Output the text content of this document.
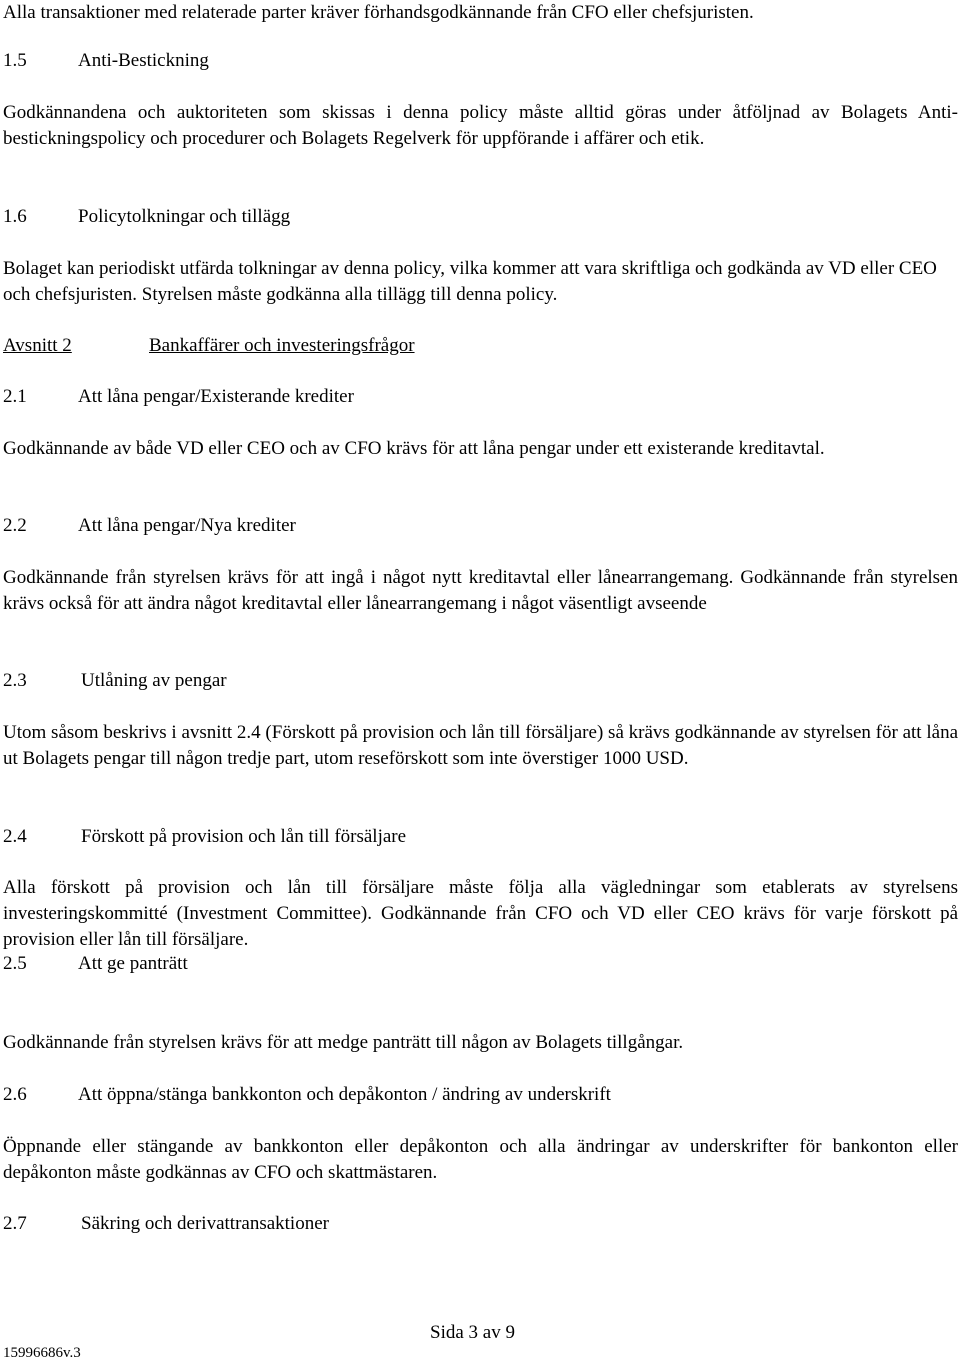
Alla transaktioner med relaterade parter kräver förhandsgodkännande från CFO eller chefsjuristen.

1.5	Anti-Bestickning

Godkännandena och auktoriteten som skissas i denna policy måste alltid göras under åtföljnad av Bolagets Anti-bestickningspolicy och procedurer och Bolagets Regelverk för uppförande i affärer och etik.

1.6	Policytolkningar och tillägg

Bolaget kan periodiskt utfärda tolkningar av denna policy, vilka kommer att vara skriftliga och godkända av VD eller CEO och chefsjuristen. Styrelsen måste godkänna alla tillägg till denna policy.

Avsnitt 2	Bankaffärer och investeringsfrågor
2.1	Att låna pengar/Existerande krediter

Godkännande av både VD eller CEO och av CFO krävs för att låna pengar under ett existerande kreditavtal.

2.2	Att låna pengar/Nya krediter

Godkännande från styrelsen krävs för att ingå i något nytt kreditavtal eller lånearrangemang. Godkännande från styrelsen krävs också för att ändra något kreditavtal eller lånearrangemang i något väsentligt avseende

2.3	Utlåning av pengar

Utom såsom beskrivs i avsnitt 2.4 (Förskott på provision och lån till försäljare) så krävs godkännande av styrelsen för att låna ut Bolagets pengar till någon tredje part, utom reseförskott som inte överstiger 1000 USD.

2.4	Förskott på provision och lån till försäljare

Alla förskott på provision och lån till försäljare måste följa alla vägledningar som etablerats av styrelsens investeringskommitté (Investment Committee). Godkännande från CFO och VD eller CEO krävs för varje förskott på provision eller lån till försäljare.

2.5	Att ge panträtt

Godkännande från styrelsen krävs för att medge panträtt till någon av Bolagets tillgångar.

2.6	Att öppna/stänga bankkonton och depåkonton / ändring av underskrift

Öppnande eller stängande av bankkonton eller depåkonton och alla ändringar av underskrifter för bankonton eller depåkonton måste godkännas av CFO och skattmästaren.

2.7	Säkring och derivattransaktioner
Sida 3 av 9
15996686v.3
